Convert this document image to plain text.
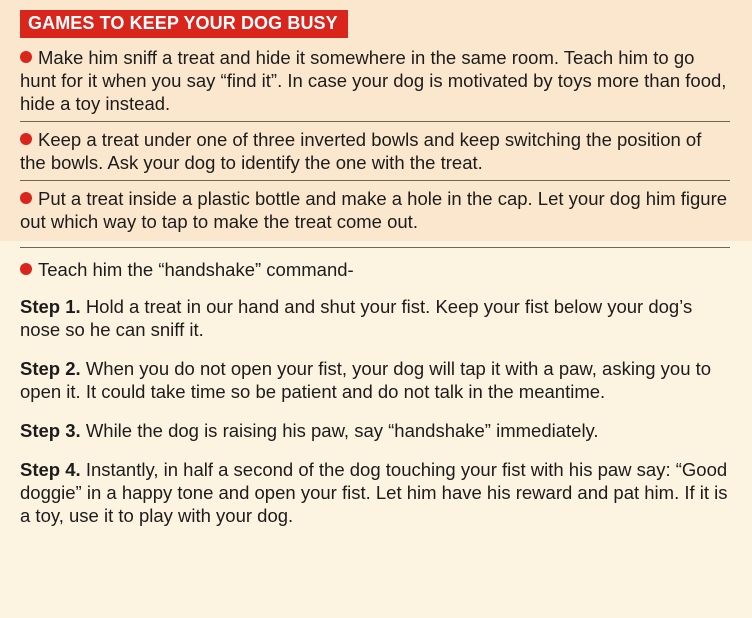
GAMES TO KEEP YOUR DOG BUSY
Make him sniff a treat and hide it somewhere in the same room. Teach him to go hunt for it when you say “find it”. In case your dog is motivated by toys more than food, hide a toy instead.
Keep a treat under one of three inverted bowls and keep switching the position of the bowls. Ask your dog to identify the one with the treat.
Put a treat inside a plastic bottle and make a hole in the cap. Let your dog him figure out which way to tap to make the treat come out.
Teach him the “handshake” command-
Step 1. Hold a treat in our hand and shut your fist. Keep your fist below your dog’s nose so he can sniff it.
Step 2. When you do not open your fist, your dog will tap it with a paw, asking you to open it. It could take time so be patient and do not talk in the meantime.
Step 3. While the dog is raising his paw, say “handshake” immediately.
Step 4. Instantly, in half a second of the dog touching your fist with his paw say: “Good doggie” in a happy tone and open your fist. Let him have his reward and pat him. If it is a toy, use it to play with your dog.
